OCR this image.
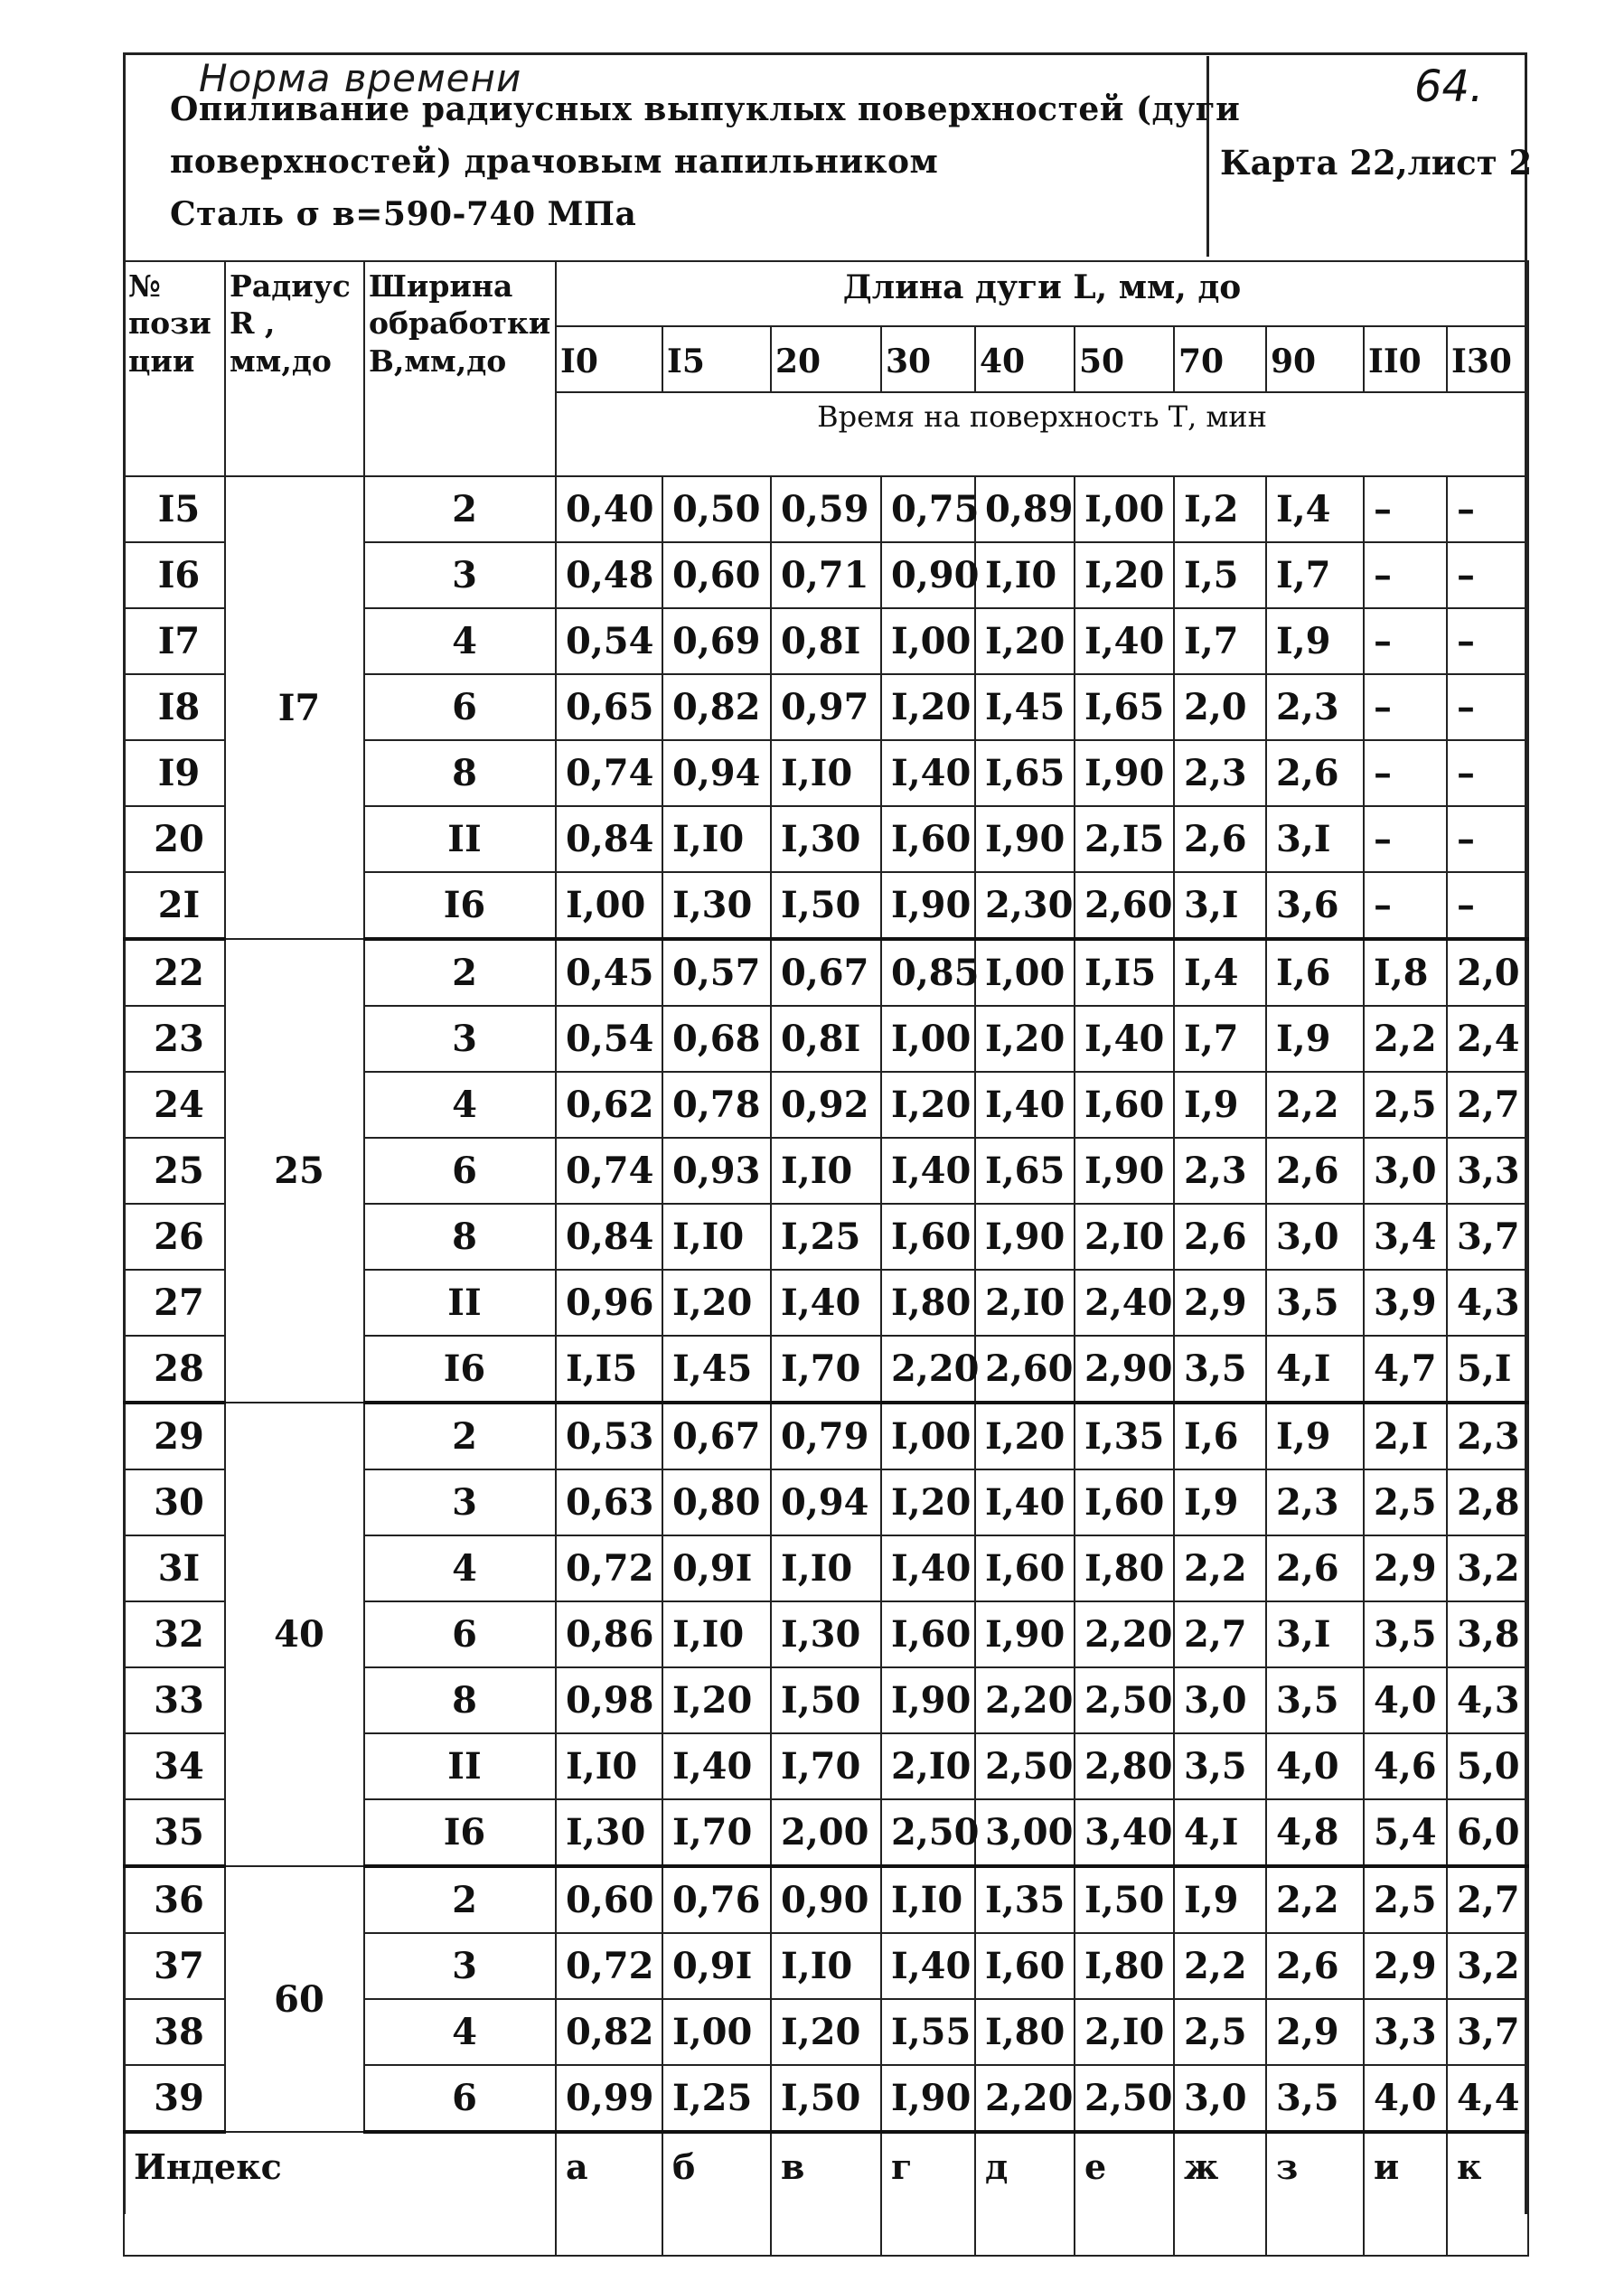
Норма времени	64.
Опиливание радиусных выпуклых поверхностей (дуги
поверхностей) драчовым напильником
Сталь σ в=590-740 МПа
Карта 22,лист 2
№ пози ции	Радиус R , мм,до	Ширина обработки В,мм,до	Длина дуги L, мм, до									
			I0	I5	20	30	40	50	70	90	II0	I30
			Время на поверхность Т, мин									
I5	I7	2	0,40	0,50	0,59	0,75	0,89	I,00	I,2	I,4	–	–
I6		3	0,48	0,60	0,71	0,90	I,I0	I,20	I,5	I,7	–	–
I7		4	0,54	0,69	0,8I	I,00	I,20	I,40	I,7	I,9	–	–
I8		6	0,65	0,82	0,97	I,20	I,45	I,65	2,0	2,3	–	–
I9		8	0,74	0,94	I,I0	I,40	I,65	I,90	2,3	2,6	–	–
20		II	0,84	I,I0	I,30	I,60	I,90	2,I5	2,6	3,I	–	–
2I		I6	I,00	I,30	I,50	I,90	2,30	2,60	3,I	3,6	–	–
22	25	2	0,45	0,57	0,67	0,85	I,00	I,I5	I,4	I,6	I,8	2,0
23		3	0,54	0,68	0,8I	I,00	I,20	I,40	I,7	I,9	2,2	2,4
24		4	0,62	0,78	0,92	I,20	I,40	I,60	I,9	2,2	2,5	2,7
25		6	0,74	0,93	I,I0	I,40	I,65	I,90	2,3	2,6	3,0	3,3
26		8	0,84	I,I0	I,25	I,60	I,90	2,I0	2,6	3,0	3,4	3,7
27		II	0,96	I,20	I,40	I,80	2,I0	2,40	2,9	3,5	3,9	4,3
28		I6	I,I5	I,45	I,70	2,20	2,60	2,90	3,5	4,I	4,7	5,I
29	40	2	0,53	0,67	0,79	I,00	I,20	I,35	I,6	I,9	2,I	2,3
30		3	0,63	0,80	0,94	I,20	I,40	I,60	I,9	2,3	2,5	2,8
3I		4	0,72	0,9I	I,I0	I,40	I,60	I,80	2,2	2,6	2,9	3,2
32		6	0,86	I,I0	I,30	I,60	I,90	2,20	2,7	3,I	3,5	3,8
33		8	0,98	I,20	I,50	I,90	2,20	2,50	3,0	3,5	4,0	4,3
34		II	I,I0	I,40	I,70	2,I0	2,50	2,80	3,5	4,0	4,6	5,0
35		I6	I,30	I,70	2,00	2,50	3,00	3,40	4,I	4,8	5,4	6,0
36	60	2	0,60	0,76	0,90	I,I0	I,35	I,50	I,9	2,2	2,5	2,7
37		3	0,72	0,9I	I,I0	I,40	I,60	I,80	2,2	2,6	2,9	3,2
38		4	0,82	I,00	I,20	I,55	I,80	2,I0	2,5	2,9	3,3	3,7
39		6	0,99	I,25	I,50	I,90	2,20	2,50	3,0	3,5	4,0	4,4
Индекс			а	б	в	г	д	е	ж	з	и	к
